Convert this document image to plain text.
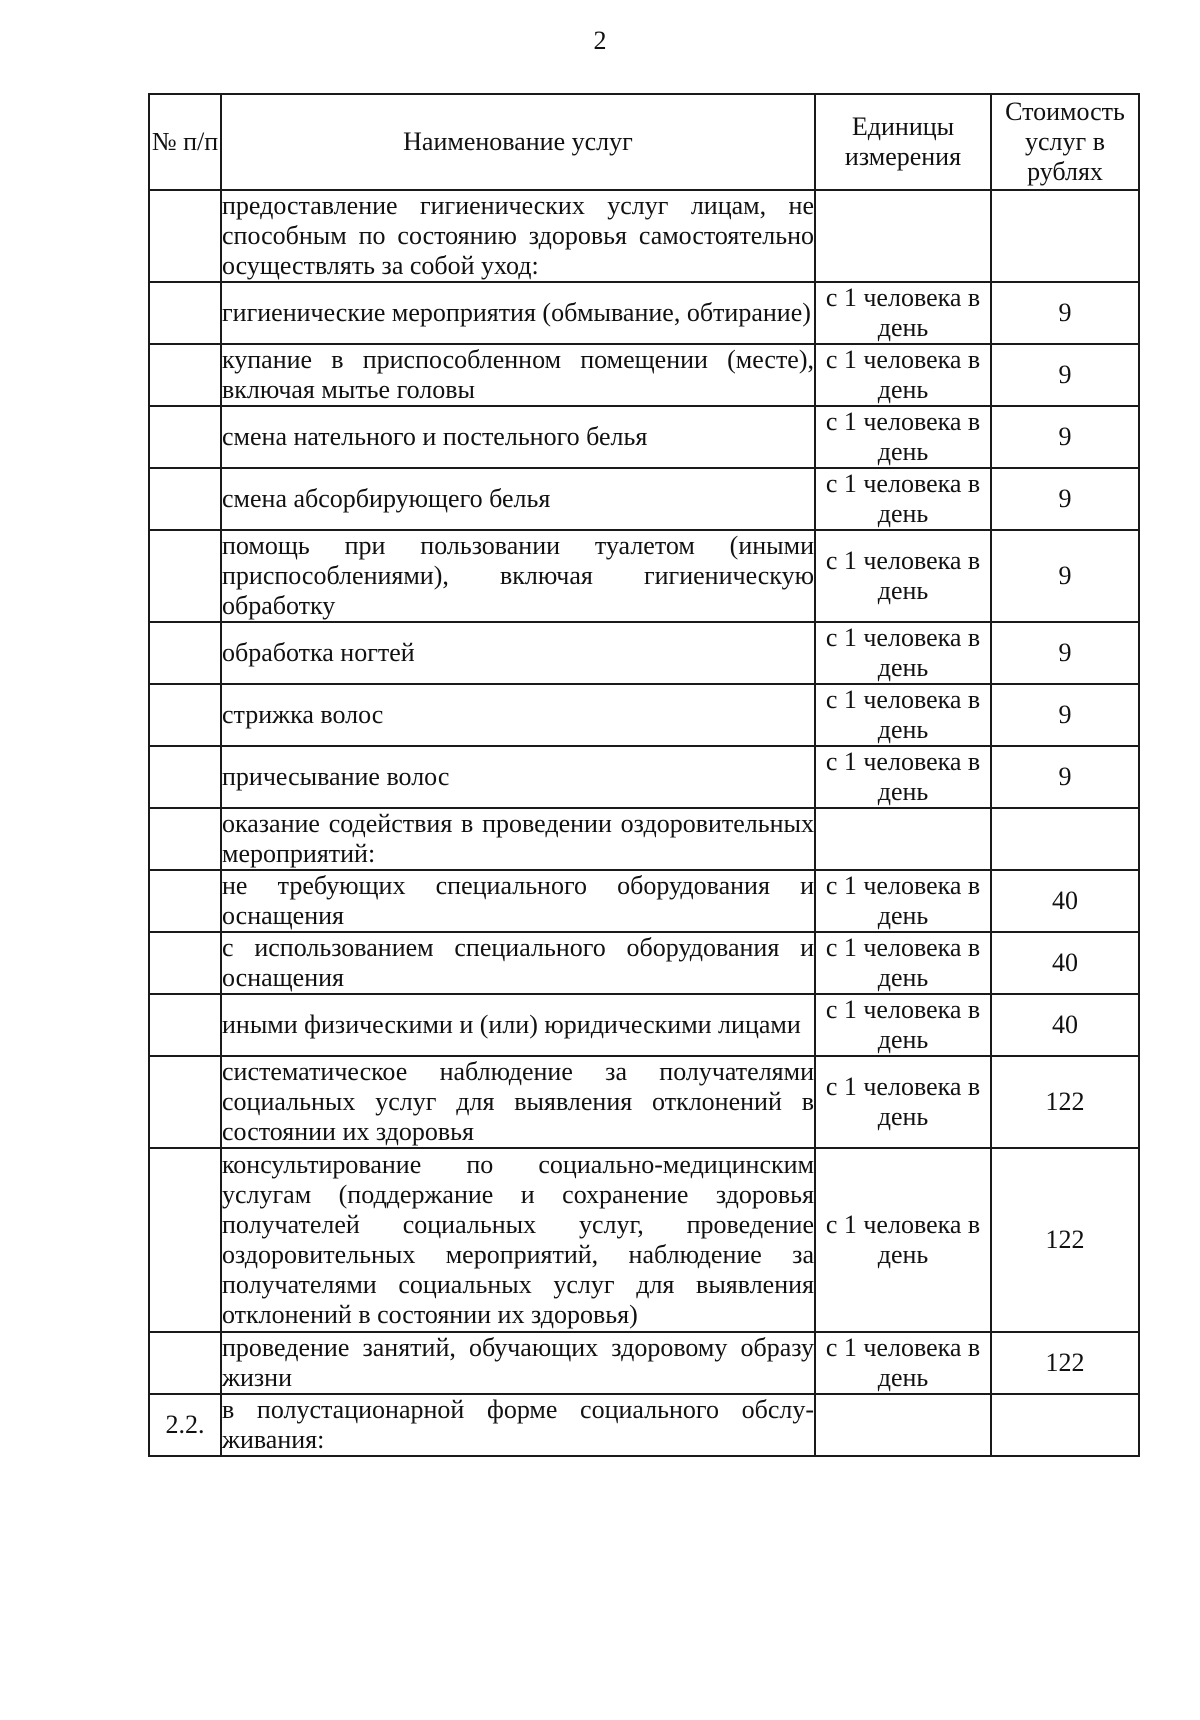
2
№ п/п	Наименование услуг	Единицы измерения	Стоимость услуг в рублях
	предоставление гигиенических услуг лицам, не способным по состоянию здоровья самостоятельно осуществлять за собой уход:		
	гигиенические мероприятия (обмывание, обтирание)	с 1 человека в день	9
	купание в приспособленном помещении (месте), включая мытье головы	с 1 человека в день	9
	смена нательного и постельного белья	с 1 человека в день	9
	смена абсорбирующего белья	с 1 человека в день	9
	помощь при пользовании туалетом (иными приспособлениями), включая гигиеническую обработку	с 1 человека в день	9
	обработка ногтей	с 1 человека в день	9
	стрижка волос	с 1 человека в день	9
	причесывание волос	с 1 человека в день	9
	оказание содействия в проведении оздоровительных мероприятий:		
	не требующих специального оборудования и оснащения	с 1 человека в день	40
	с использованием специального оборудования и оснащения	с 1 человека в день	40
	иными физическими и (или) юридическими лицами	с 1 человека в день	40
	систематическое наблюдение за получателями социальных услуг для выявления отклонений в состоянии их здоровья	с 1 человека в день	122
	консультирование по социально-медицинским услугам (поддержание и сохранение здоровья получателей социальных услуг, проведение оздоровительных мероприятий, наблюдение за получателями социальных услуг для выявления отклонений в состоянии их здоровья)	с 1 человека в день	122
	проведение занятий, обучающих здоровому образу жизни	с 1 человека в день	122
2.2.	в полустационарной форме социального обслуживания:		
